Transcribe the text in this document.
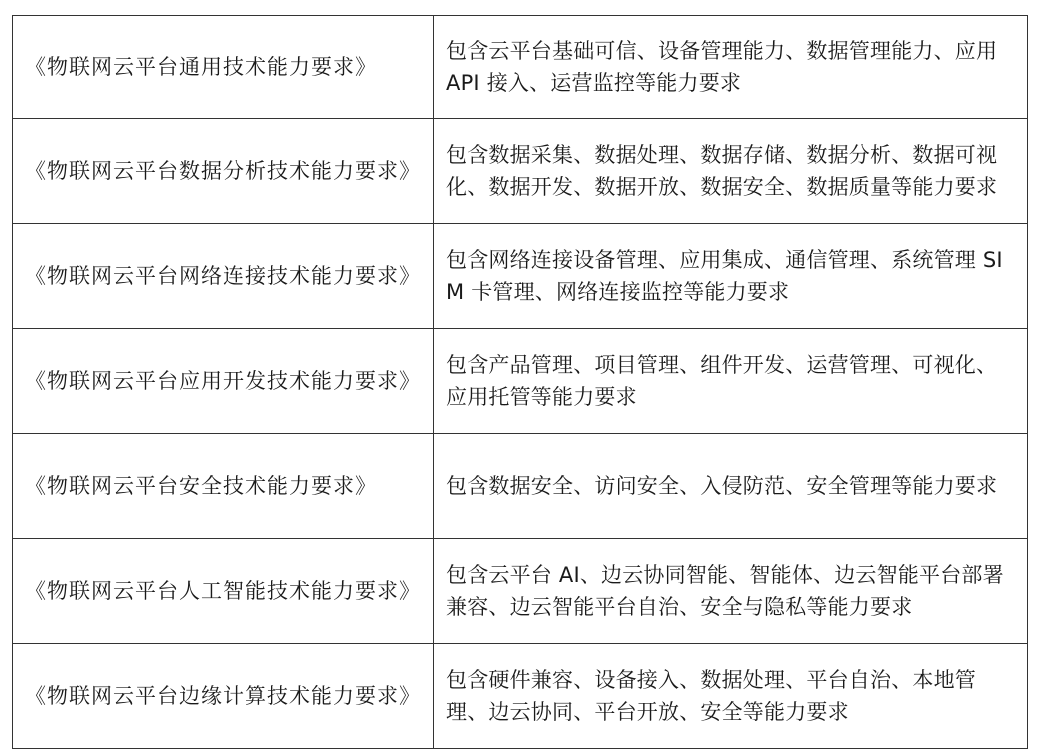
《物联网云平台通用技术能力要求》	包含云平台基础可信、设备管理能力、数据管理能力、应用 API 接入、运营监控等能力要求
《物联网云平台数据分析技术能力要求》	包含数据采集、数据处理、数据存储、数据分析、数据可视化、数据开发、数据开放、数据安全、数据质量等能力要求
《物联网云平台网络连接技术能力要求》	包含网络连接设备管理、应用集成、通信管理、系统管理 SIM 卡管理、网络连接监控等能力要求
《物联网云平台应用开发技术能力要求》	包含产品管理、项目管理、组件开发、运营管理、可视化、应用托管等能力要求
《物联网云平台安全技术能力要求》	包含数据安全、访问安全、入侵防范、安全管理等能力要求
《物联网云平台人工智能技术能力要求》	包含云平台 AI、边云协同智能、智能体、边云智能平台部署兼容、边云智能平台自治、安全与隐私等能力要求
《物联网云平台边缘计算技术能力要求》	包含硬件兼容、设备接入、数据处理、平台自治、本地管理、边云协同、平台开放、安全等能力要求
